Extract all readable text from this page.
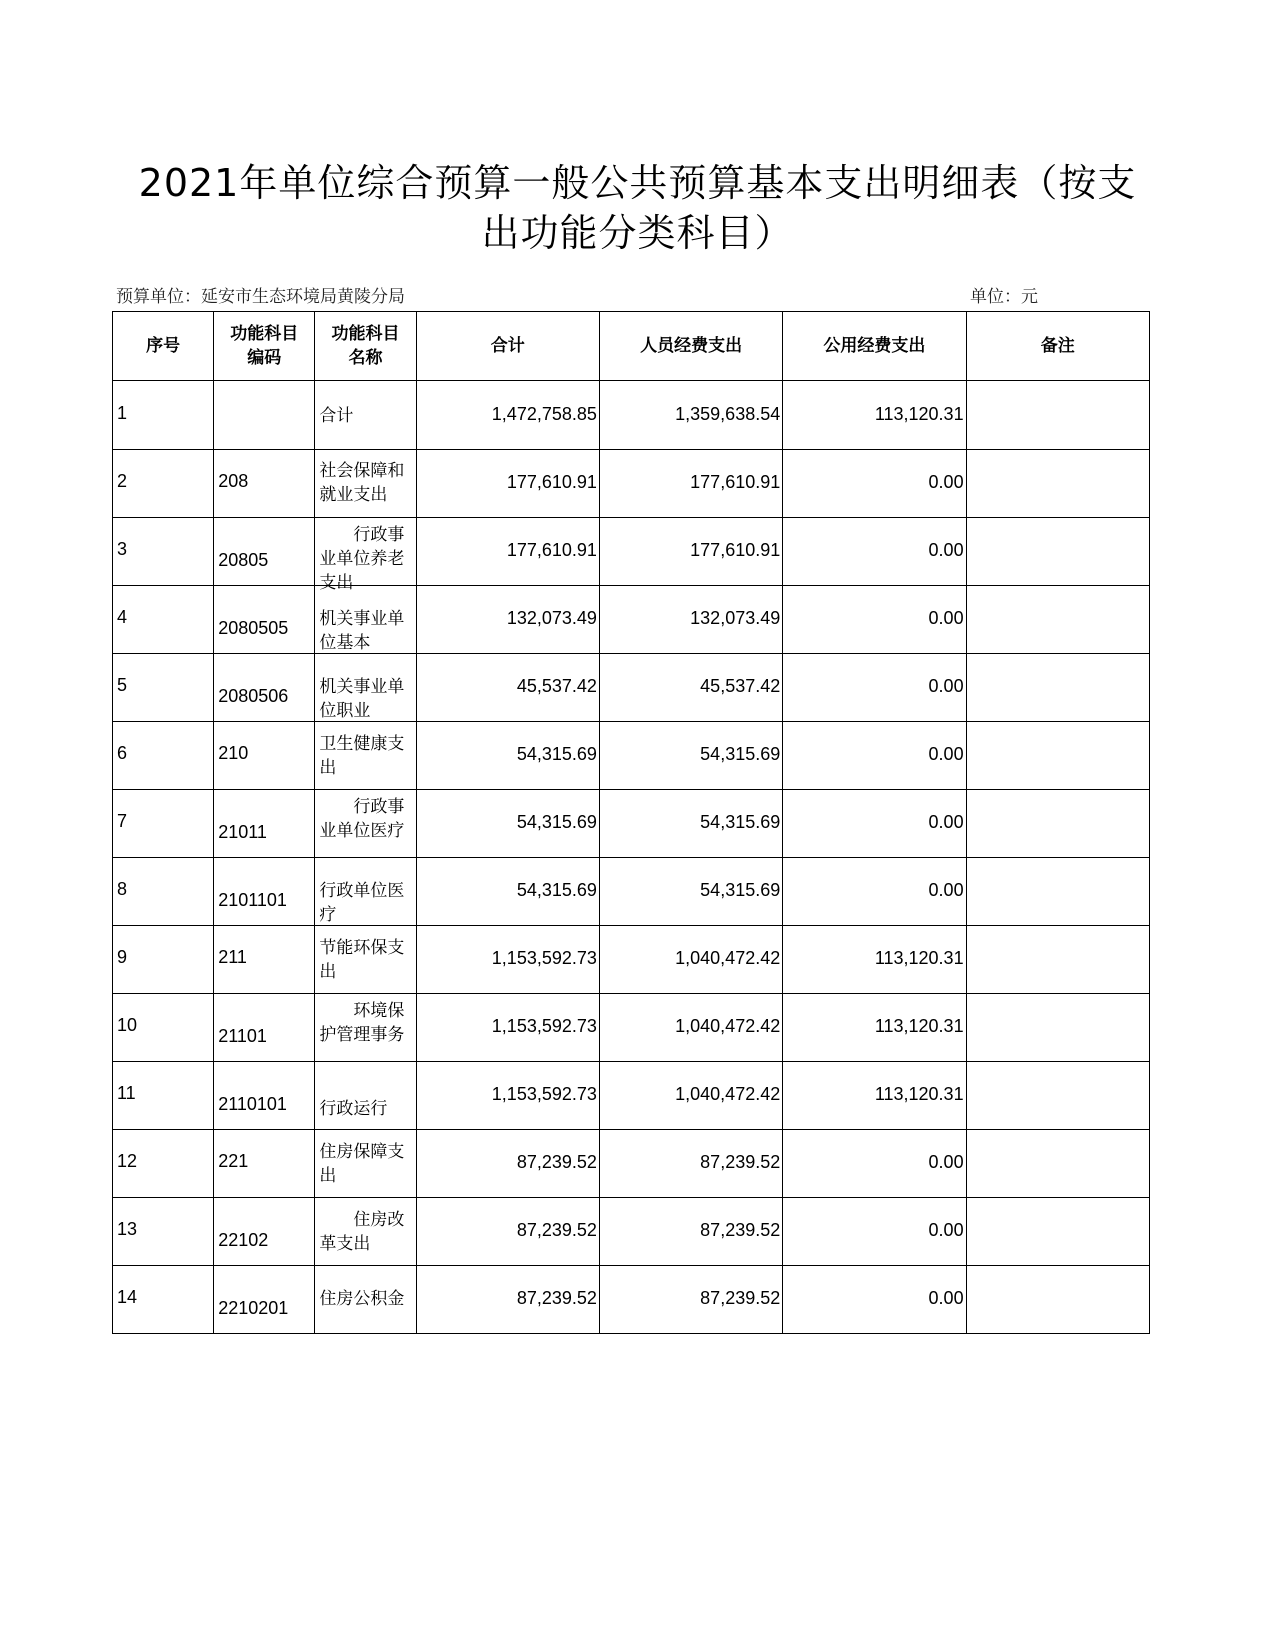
2021年单位综合预算一般公共预算基本支出明细表（按支
出功能分类科目）
预算单位：延安市生态环境局黄陵分局	单位：元
序号	功能科目编码	功能科目名称	合计	人员经费支出	公用经费支出	备注
1		合计	1,472,758.85	1,359,638.54	113,120.31	
2	208	社会保障和就业支出	177,610.91	177,610.91	0.00	
3	20805	行政事业单位养老支出	177,610.91	177,610.91	0.00	
4	2080505	机关事业单位基本	132,073.49	132,073.49	0.00	
5	2080506	机关事业单位职业	45,537.42	45,537.42	0.00	
6	210	卫生健康支出	54,315.69	54,315.69	0.00	
7	21011	行政事业单位医疗	54,315.69	54,315.69	0.00	
8	2101101	行政单位医疗	54,315.69	54,315.69	0.00	
9	211	节能环保支出	1,153,592.73	1,040,472.42	113,120.31	
10	21101	环境保护管理事务	1,153,592.73	1,040,472.42	113,120.31	
11	2110101	行政运行	1,153,592.73	1,040,472.42	113,120.31	
12	221	住房保障支出	87,239.52	87,239.52	0.00	
13	22102	住房改革支出	87,239.52	87,239.52	0.00	
14	2210201	住房公积金	87,239.52	87,239.52	0.00	
